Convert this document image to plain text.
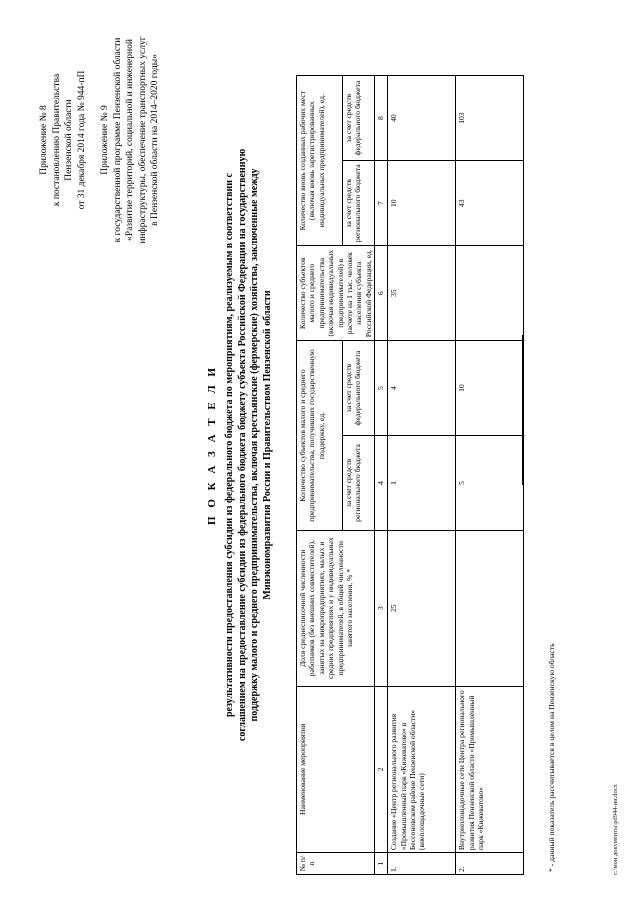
Приложение № 8 к постановлению Правительства Пензенской области от 31 декабря 2014 года № 944-пП Приложение № 9 к государственной программе Пензенской области «Развитие территорий, социальной и инженерной инфраструктуры, обеспечение транспортных услуг в Пензенской области на 2014–2020 годы»

П О К А З А Т Е Л И результативности предоставления субсидии из федерального бюджета по мероприятиям, реализуемым в соответствии с соглашением на предоставление субсидии из федерального бюджета бюджету субъекта Российской Федерации на государственную поддержку малого и среднего предпринимательства, включая крестьянские (фермерские) хозяйства, заключенные между Минэкономразвития России и Правительством Пензенской области

№ п/п	Наименование мероприятия	Доля среднесписочной численности работников (без внешних совместителей), занятых на микропредприятиях, малых и средних предприятиях и у индивидуальных предпринимателей, в общей численности занятого населения, % *	Количество субъектов малого и среднего предпринимательства, получивших государственную поддержку, ед.		Количество субъектов малого и среднего предпринимательства (включая индивидуальных предпринимателей) в расчете на 1 тыс. человек населения субъекта Российской Федерации, ед.	Количество вновь созданных рабочих мест (включая вновь зарегистрированных индивидуальных предпринимателей), ед.	
			за счет средств регионального бюджета	за счет средств федерального бюджета		за счет средств регионального бюджета	за счет средств федерального бюджета
1	2	3	4	5	6	7	8
1.	Создание «Центр регионального развития «Промышленный парк «Кижеватово» в Бессоновском районе Пензенской области» (внеплощадочные сети)	25	1	4	35	10	40
2.	Внутриплощадочные сети Центра регионального развития Пензенской области «Промышленный парк «Кижеватово»		5	10		43	103
* - данный показатель рассчитывается в целом на Пензенскую область	c:\мои документы\pd944-ии.docx
